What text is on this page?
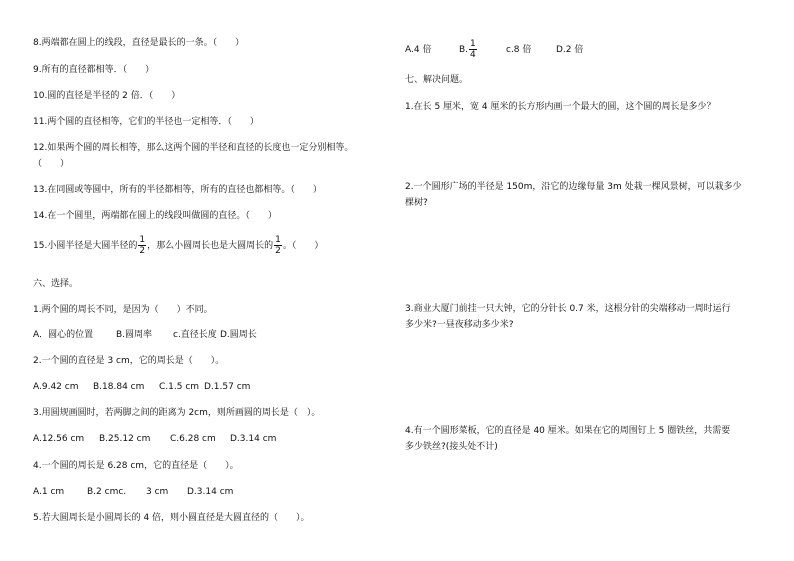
8.两端都在圆上的线段，直径是最长的一条。（　　）
9.所有的直径都相等．（　　）
10.圆的直径是半径的 2 倍．（　　）
11.两个圆的直径相等，它们的半径也一定相等．（　　）
12.如果两个圆的周长相等，那么这两个圆的半径和直径的长度也一定分别相等。
（　　）
13.在同圆或等圆中，所有的半径都相等，所有的直径也都相等。（　　）
14.在一个圆里，两端都在圆上的线段叫做圆的直径。（　　）
15.小圆半径是大圆半径的 $\frac{1}{2}$ ，那么小圆周长也是大圆周长的 $\frac{1}{2}$ 。（　　）
六、选择。
1.两个圆的周长不同，是因为（　　）不同。
A．圆心的位置	B.圆周率 c.直径长度 D.圆周长
2.一个圆的直径是 3 cm，它的周长是（　　）。
A.9.42 cm B.18.84 cm C.1.5 cm D.1.57 cm
3.用圆规画圆时，若两脚之间的距离为 2cm，则所画圆的周长是（　）。
A.12.56 cm B.25.12 cm C.6.28 cm D.3.14 cm
4.一个圆的周长是 6.28 cm，它的直径是（　　）。
A.1 cm	B.2 cmc. 3 cm D.3.14 cm
5.若大圆周长是小圆周长的 4 倍，则小圆直径是大圆直径的（　　）。
A.4 倍	B. $\frac{1}{4}$	c.8 倍	D.2 倍
七、解决问题。
1.在长 5 厘米，宽 4 厘米的长方形内画一个最大的圆，这个圆的周长是多少？
2.一个圆形广场的半径是 150m，沿它的边缘每量 3m 处栽一棵风景树，可以栽多少
棵树?
3.商业大厦门前挂一只大钟，它的分针长 0.7 米，这根分针的尖端移动一周时运行
多少米?一昼夜移动多少米?
4.有一个圆形菜板，它的直径是 40 厘米。如果在它的周围钉上 5 圈铁丝，共需要
多少铁丝?(接头处不计)
